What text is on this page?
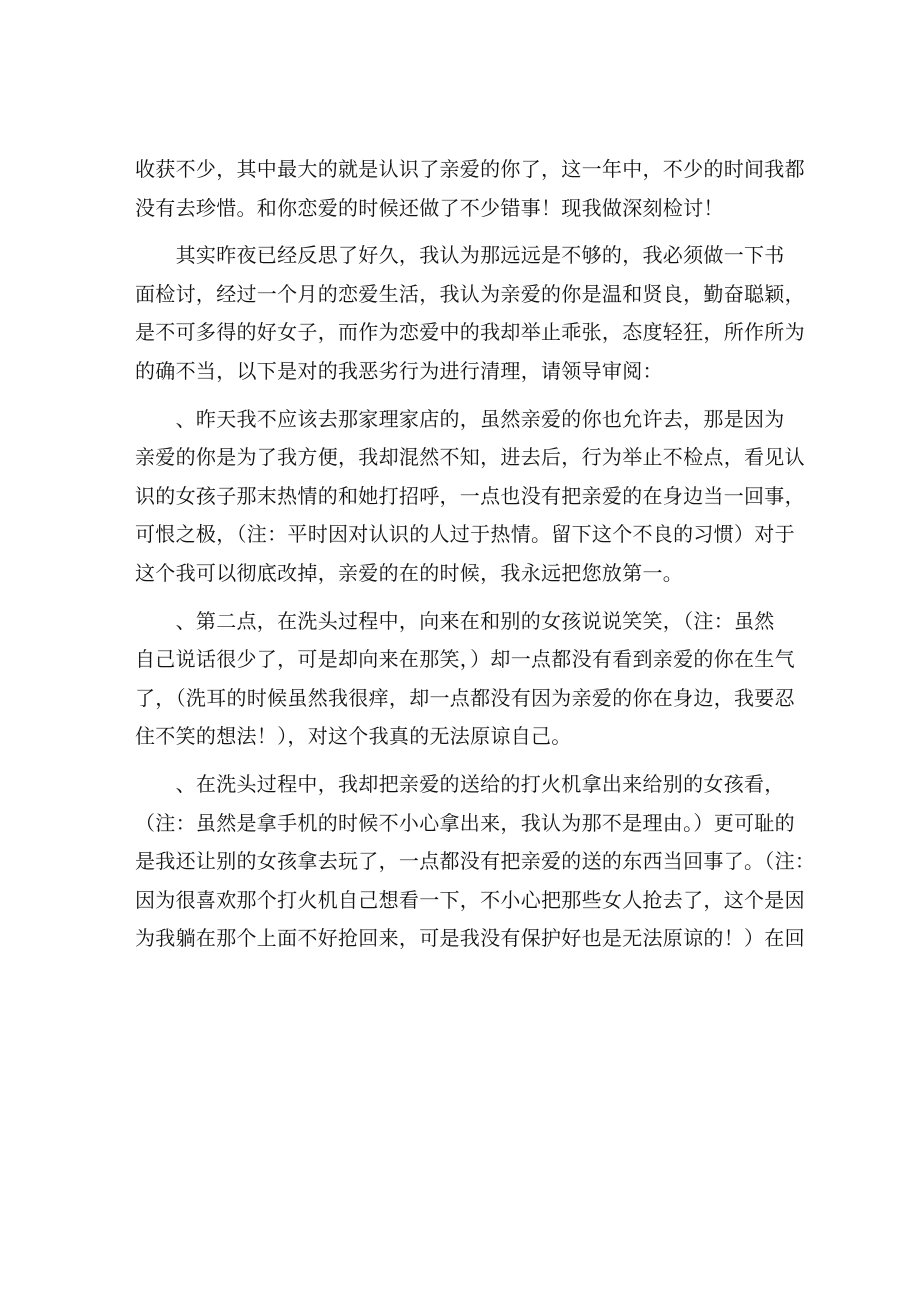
收获不少，其中最大的就是认识了亲爱的你了，这一年中，不少的时间我都
没有去珍惜。和你恋爱的时候还做了不少错事！现我做深刻检讨！
　　其实昨夜已经反思了好久，我认为那远远是不够的，我必须做一下书
面检讨，经过一个月的恋爱生活，我认为亲爱的你是温和贤良，勤奋聪颖，
是不可多得的好女子，而作为恋爱中的我却举止乖张，态度轻狂，所作所为
的确不当，以下是对的我恶劣行为进行清理，请领导审阅：
　　、昨天我不应该去那家理家店的，虽然亲爱的你也允许去，那是因为
亲爱的你是为了我方便，我却混然不知，进去后，行为举止不检点，看见认
识的女孩子那末热情的和她打招呼，一点也没有把亲爱的在身边当一回事，
可恨之极，（注：平时因对认识的人过于热情。留下这个不良的习惯）对于
这个我可以彻底改掉，亲爱的在的时候，我永远把您放第一。
　　、第二点，在洗头过程中，向来在和别的女孩说说笑笑，（注：虽然
自己说话很少了，可是却向来在那笑，）却一点都没有看到亲爱的你在生气
了，（洗耳的时候虽然我很痒，却一点都没有因为亲爱的你在身边，我要忍
住不笑的想法！），对这个我真的无法原谅自己。
　　、在洗头过程中，我却把亲爱的送给的打火机拿出来给别的女孩看，
（注：虽然是拿手机的时候不小心拿出来，我认为那不是理由。）更可耻的
是我还让别的女孩拿去玩了，一点都没有把亲爱的送的东西当回事了。（注：
因为很喜欢那个打火机自己想看一下，不小心把那些女人抢去了，这个是因
为我躺在那个上面不好抢回来，可是我没有保护好也是无法原谅的！）在回
